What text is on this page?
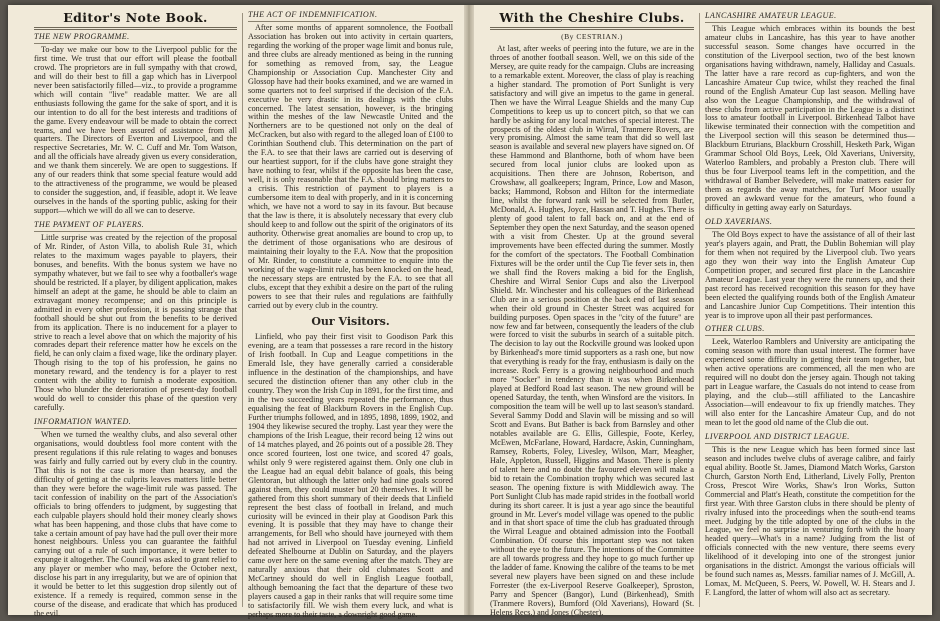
Editor's Note Book.
THE NEW PROGRAMME.

To-day we make our bow to the Liverpool public for the first time. We trust that our effort will please the football crowd. The proprietors are in full sympathy with that crowd, and will do their best to fill a gap which has in Liverpool never been satisfactorily filled—viz., to provide a programme which will contain "live" readable matter. We are all enthusiasts following the game for the sake of sport, and it is our intention to do all for the best interests and traditions of the game. Every endeavour will be made to obtain the correct teams, and we have been assured of assistance from all quarters. The Directors of Everton and Liverpool, and the respective Secretaries, Mr. W. C. Cuff and Mr. Tom Watson, and all the officials have already given us every consideration, and we thank them sincerely. We are open to suggestions. If any of our readers think that some special feature would add to the attractiveness of the programme, we would be pleased to consider the suggestion, and, if feasible, adopt it. We leave ourselves in the hands of the sporting public, asking for their support—which we will do all we can to deserve.

THE PAYMENT OF PLAYERS.

Little surprise was created by the rejection of the proposal of Mr. Rinder, of Aston Villa, to abolish Rule 31, which relates to the maximum wages payable to players, their bonuses, and benefits. With the bonus system we have no sympathy whatever, but we fail to see why a footballer's wage should be restricted. If a player, by diligent application, makes himself an adept at the game, he should be able to claim an extravagant money recompense; and on this principle is admitted in every other profession, it is passing strange that football should be shut out from the benefits to be derived from its application. There is no inducement for a player to strive to reach a level above that on which the majority of his comrades depart their reference matter how he excels on the field, he can only claim a fixed wage, like the ordinary player. Though rising to the top of his profession, he gains no monetary reward, and the tendency is for a player to rest content with the ability to furnish a moderate exposition. Those who blunder the deterioration of present-day football would do well to consider this phase of the question very carefully.

INFORMATION WANTED.

When we turned the wealthy clubs, and also several other organisations, would doubtless fool more content with the present regulations if this rule relating to wages and bonuses was fairly and fully carried out by every club in the country. That this is not the case is more than hearsay, and the difficulty of getting at the culprits leaves matters little better than they were before the wage-limit rule was passed. The tacit confession of inability on the part of the Association's officials to bring offenders to judgment, by suggesting that each culpable players should hold their money clearly shows what has been happening, and those clubs that have come to take a certain amount of pay have had the pull over their more honest neighbours. Unless you can guarantee the faithful carrying out of a rule of such importance, it were better to expunge it altogether. The Council was asked to grant relief to any player or member who may, before the October next, disclose his part in any irregularity, but we are of opinion that it would be better to let this suggestion drop silently out of existence. If a remedy is required, common sense in the course of the disease, and eradicate that which has produced the evil.

THE ACT OF INDEMNIFICATION.

After some months of apparent somnolence, the Football Association has broken out into activity in certain quarters, regarding the working of the proper wage limit and bonus rule, and three clubs are already mentioned as being in the running for something as removed from, say, the League Championship or Association Cup. Manchester City and Glossop have had their books examined, and we are warned in some quarters not to feel surprised if the decision of the F.A. executive be very drastic in its dealings with the clubs concerned. The latest sensation, however, is the bringing within the meshes of the law Newcastle United and the Northerners are to be questioned not only on the deal of McCracken, but also with regard to the alleged loan of £100 to Corinthian Southend club. This determination on the part of the F.A. to see that their laws are carried out is deserving of our heartiest support, for if the clubs have gone straight they have nothing to fear, whilst if the opposite has been the case, well, it is only reasonable that the F.A. should bring matters to a crisis. This restriction of payment to players is a cumbersome item to deal with properly, and in it is concerning which, we have not a word to say in its favour. But because that the law is there, it is absolutely necessary that every club should keep to and follow out the spirit of the originators of its authority. Otherwise great anomalies are bound to crop up, to the detriment of those organisations who are desirous of maintaining their loyalty to the F.A. Now that the proposition of Mr. Rinder, to constitute a committee to enquire into the working of the wage-limit rule, has been knocked on the head, the necessary steps are entrusted by the F.A. to see that all clubs, except that they exhibit a desire on the part of the ruling powers to see that their rules and regulations are faithfully carried out by every club in the country.

Our Visitors.

Linfield, who pay their first visit to Goodison Park this evening, are a team that possesses a rare record in the history of Irish football. In Cup and League competitions in the Emerald Isle, they have generally carried a considerable influence in the destination of the championships, and have secured the distinction oftener than any other club in the country. They won the Irish Cup in 1891, for the first time, and in the two succeeding years repeated the performance, thus equalising the feat of Blackburn Rovers in the English Cup. Further triumphs followed, and in 1895, 1898, 1899, 1902, and 1904 they likewise secured the trophy. Last year they were the champions of the Irish League, their record being 12 wins out of 14 matches played, and 26 points out of a possible 28. They once scored fourteen, lost one twice, and scored 47 goals, whilst only 9 were registered against them. Only one club in the League had an equal debit balance of goals, this being Glentoran, but although the latter only had nine goals scored against them, they could muster but 20 themselves. It will be gathered from this short summary of their deeds that Linfield represent the best class of football in Ireland, and much curiosity will be evinced in their play at Goodison Park this evening. It is possible that they may have to change their arrangements, for Bell who should have journeyed with them had not arrived in Liverpool on Tuesday evening. Linfield defeated Shelbourne at Dublin on Saturday, and the players came over here on the same evening after the match. They are naturally anxious that their old clubmates Scott and McCartney should do well in English League football, although bemoaning the fact that the departure of these two players caused a gap in their ranks that will require some time to satisfactorily fill. We wish them every luck, and what is perhaps more to their taste, a downright good game.

With the Cheshire Clubs.
(By CESTRIAN.)

At last, after weeks of peering into the future, we are in the throes of another football season. Well, we on this side of the Mersey, are quite ready for the campaign. Clubs are increasing to a remarkable extent. Moreover, the class of play is reaching a higher standard. The promotion of Port Sunlight is very satisfactory and will give an impetus to the game in general. Then we have the Wirral League Shields and the many Cup Competitions to keep us up to concert pitch, so that we can hardly be asking for any local matches of special interest. The prospects of the oldest club in Wirral, Tranmere Rovers, are very promising. Almost the same team that did so well last season is available and several new players have signed on. Of these Hammond and Blanthorne, both of whom have been secured from local junior clubs are looked upon as acquisitions. Then there are Johnson, Robertson, and Crowshaw, all goalkeepers; Ingram, Prince, Low and Mason, backs; Hammond, Robson and Hilton for the intermediate line, whilst the forward rank will be selected from Butler, McDonald, A. Hughes, Joyce, Hassan and T. Hughes. There is plenty of good talent to fall back on, and at the end of September they open the next Saturday, and the season opened with a visit from Chester. Up at the ground several improvements have been effected during the summer. Mostly for the comfort of the spectators. The Football Combination Fixtures will be the order until the Cup Tie fever sets in, then we shall find the Rovers making a bid for the English, Cheshire and Wirral Senior Cups and also the Liverpool Shield. Mr. Winchester and his colleagues of the Birkenhead Club are in a serious position at the back end of last season when their old ground in Chester Street was acquired for building purposes. Open spaces in the "city of the future" are now few and far between, consequently the leaders of the club were forced to visit the suburbs in search of a suitable pitch. The decision to lay out the Rockville ground was looked upon by Birkenhead's more timid supporters as a rash one, but now that everything is ready for the fray, enthusiasm is daily on the increase. Rock Ferry is a growing neighbourhood and much more "Socker" in tendency than it was when Birkenhead played at Bedford Road last season. The new ground will be opened Saturday, the tenth, when Winsford are the visitors. In composition the team will be well up to last season's standard. Several Sammy Dodd and Slavin will be missing and so will Scott and Evans. But Bather is back from Barnsley and other notables available are G. Ellis, Gillespie, Foote, Kerley, McEwen, McFarlane, Howard, Hardacre, Askin, Cunningham, Ramsey, Roberts, Foley, Livesley, Wilson, Marr, Meagher, Hale, Appleton, Russell, Higgins and Mason. There is plenty of talent here and no doubt the favoured eleven will make a bid to retain the Combination trophy which was secured last season. The opening fixture is with Middlewich away. The Port Sunlight Club has made rapid strides in the football world during its short career. It is just a year ago since the beautiful ground in Mr. Lever's model village was opened to the public and in that short space of time the club has graduated through the Wirral League and obtained admission into the Football Combination. Of course this important step was not taken without the eye to the future. The intentions of the Committee are all towards progress and they hope to go much further up the ladder of fame. Knowing the calibre of the teams to be met several new players have been signed on and these include Forrester (the ex-Liverpool Reserve Goalkeeper), Sproston, Parry and Spencer (Bangor), Lund (Birkenhead), Smith (Tranmere Rovers), Bumford (Old Xaverians), Howard (St. Helens Recs.) and Jones (Chester).

LANCASHIRE AMATEUR LEAGUE.

This League which embraces within its bounds the best amateur clubs in Lancashire, has this year to have another successful season. Some changes have occurred in the constitution of the Liverpool section, two of the best known organisations having withdrawn, namely, Halliday and Casuals. The latter have a rare record as cup-fighters, and won the Lancashire Amateur Cup twice, whilst they reached the final round of the English Amateur Cup last season. Melling have also won the League Championship, and the withdrawal of these clubs from active participation in the League is a distinct loss to amateur football in Liverpool. Birkenhead Talbot have likewise terminated their connection with the competition and the Liverpool section will this season be determined thus—Blackburn Etrurians, Blackburn Crosshill, Hesketh Park, Wigan Grammar School Old Boys, Leek, Old Xaverians, University, Waterloo Ramblers, and probably a Preston club. There will thus be four Liverpool teams left in the competition, and the withdrawal of Bamber Belvedere, will make matters easier for them as regards the away matches, for Turf Moor usually proved an awkward venue for the amateurs, who found a difficulty in getting away early on Saturdays.

OLD XAVERIANS.

The Old Boys expect to have the assistance of all of their last year's players again, and Pratt, the Dublin Bohemian will play for them when not required by the Liverpool club. Two years ago they won their way into the English Amateur Cup Competition proper, and secured first place in the Lancashire Amateur League. Last year they were the runners up, and their past record has received recognition this season for they have been elected the qualifying rounds both of the English Amateur and Lancashire Junior Cup Competitions. Their intention this year is to improve upon all their past performances.

OTHER CLUBS.

Leek, Waterloo Ramblers and University are anticipating the coming season with more than usual interest. The former have experienced some difficulty in getting their team together, but when active operations are commenced, all the men who are required will no doubt don the jersey again. Though not taking part in League warfare, the Casuals do not intend to cease from playing, and the club—still affiliated to the Lancashire Association—will endeavour to fix up friendly matches. They will also enter for the Lancashire Amateur Cup, and do not mean to let the good old name of the Club die out.

LIVERPOOL AND DISTRICT LEAGUE.

This is the new League which has been formed since last season and includes twelve clubs of average calibre, and fairly equal ability. Bootle St. James, Diamond Match Works, Garston Church, Garston North End, Litherland, Lively Folly, Prenton Cross, Prescot Wire Works, Shaw's Iron Works, Sutton Commercial and Platt's Heath, constitute the competition for the first year. With three Garston clubs in there should be plenty of rivalry infused into the proceedings when the south-end teams meet. Judging by the title adopted by one of the clubs in the League, we feel no surprise in venturing forth with the hoary headed query—What's in a name? Judging from the list of officials connected with the new venture, there seems every likelihood of it developing into one of the strongest junior organisations in the district. Amongst the various officials will be found such names as, Messrs. familiar names of J. McGill, A. Lomax, M. McQueen, S. Peers, W. Powell, W. H. Stears and J. F. Langford, the latter of whom will also act as secretary.
